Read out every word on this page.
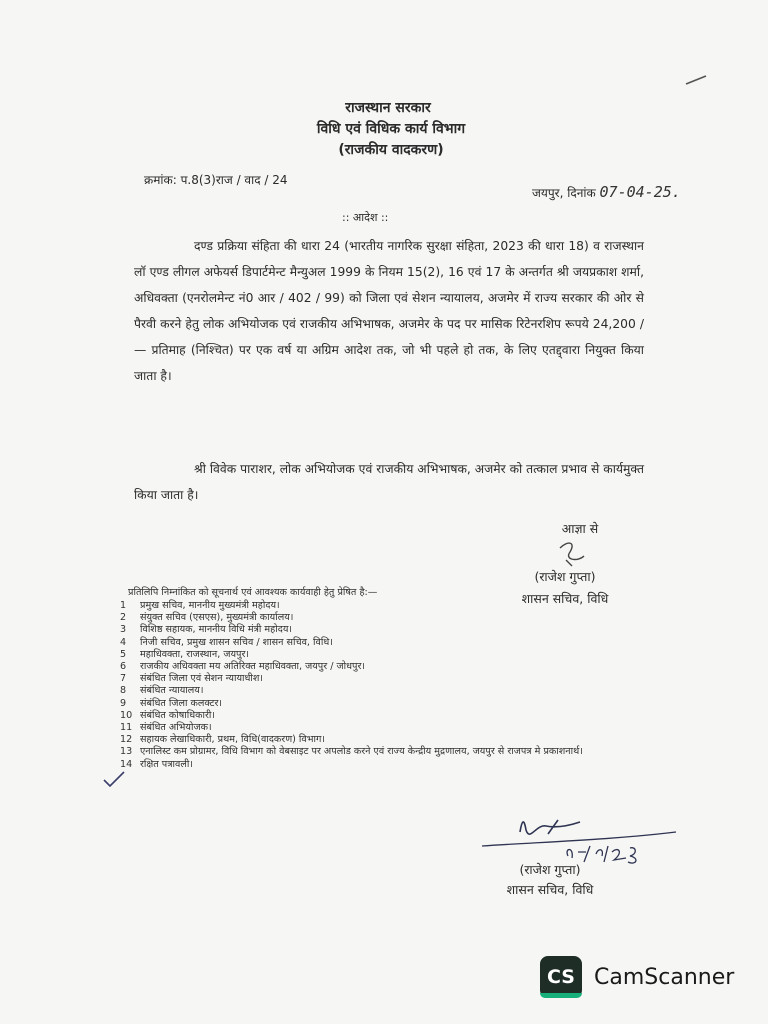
राजस्थान सरकार
विधि एवं विधिक कार्य विभाग
(राजकीय वादकरण)
क्रमांक: प.8(3)राज / वाद / 24
जयपुर, दिनांक 07-04-25.
:: आदेश ::
दण्ड प्रक्रिया संहिता की धारा 24 (भारतीय नागरिक सुरक्षा संहिता, 2023 की धारा 18) व राजस्थान लॉ एण्ड लीगल अफेयर्स डिपार्टमेन्ट मैन्युअल 1999 के नियम 15(2), 16 एवं 17 के अन्तर्गत श्री जयप्रकाश शर्मा, अधिवक्ता (एनरोलमेन्ट नं0 आर / 402 / 99) को जिला एवं सेशन न्यायालय, अजमेर में राज्य सरकार की ओर से पैरवी करने हेतु लोक अभियोजक एवं राजकीय अभिभाषक, अजमेर के पद पर मासिक रिटेनरशिप रूपये 24,200 / — प्रतिमाह (निश्चित) पर एक वर्ष या अग्रिम आदेश तक, जो भी पहले हो तक, के लिए एतद्द्वारा नियुक्त किया जाता है।
श्री विवेक पाराशर, लोक अभियोजक एवं राजकीय अभिभाषक, अजमेर को तत्काल प्रभाव से कार्यमुक्त किया जाता है।
आज्ञा से
(राजेश गुप्ता)
शासन सचिव, विधि
प्रतिलिपि निम्नांकित को सूचनार्थ एवं आवश्यक कार्यवाही हेतु प्रेषित है:—
1	प्रमुख सचिव, माननीय मुख्यमंत्री महोदय।
2	संयुक्त सचिव (एसएस), मुख्यमंत्री कार्यालय।
3	विशिष्ठ सहायक, माननीय विधि मंत्री महोदय।
4	निजी सचिव, प्रमुख शासन सचिव / शासन सचिव, विधि।
5	महाधिवक्ता, राजस्थान, जयपुर।
6	राजकीय अधिवक्ता मय अतिरिक्त महाधिवक्ता, जयपुर / जोधपुर।
7	संबंधित जिला एवं सेशन न्यायाधीश।
8	संबंधित न्यायालय।
9	संबंधित जिला कलक्टर।
10 संबंधित कोषाधिकारी।
11 संबंधित अभियोजक।
12 सहायक लेखाधिकारी, प्रथम, विधि(वादकरण) विभाग।
13 एनालिस्ट कम प्रोग्रामर, विधि विभाग को वेबसाइट पर अपलोड करने एवं राज्य केन्द्रीय मुद्रणालय, जयपुर से राजपत्र मे प्रकाशनार्थ।
14 रक्षित पत्रावली।
(राजेश गुप्ता)
शासन सचिव, विधि
CS CamScanner
